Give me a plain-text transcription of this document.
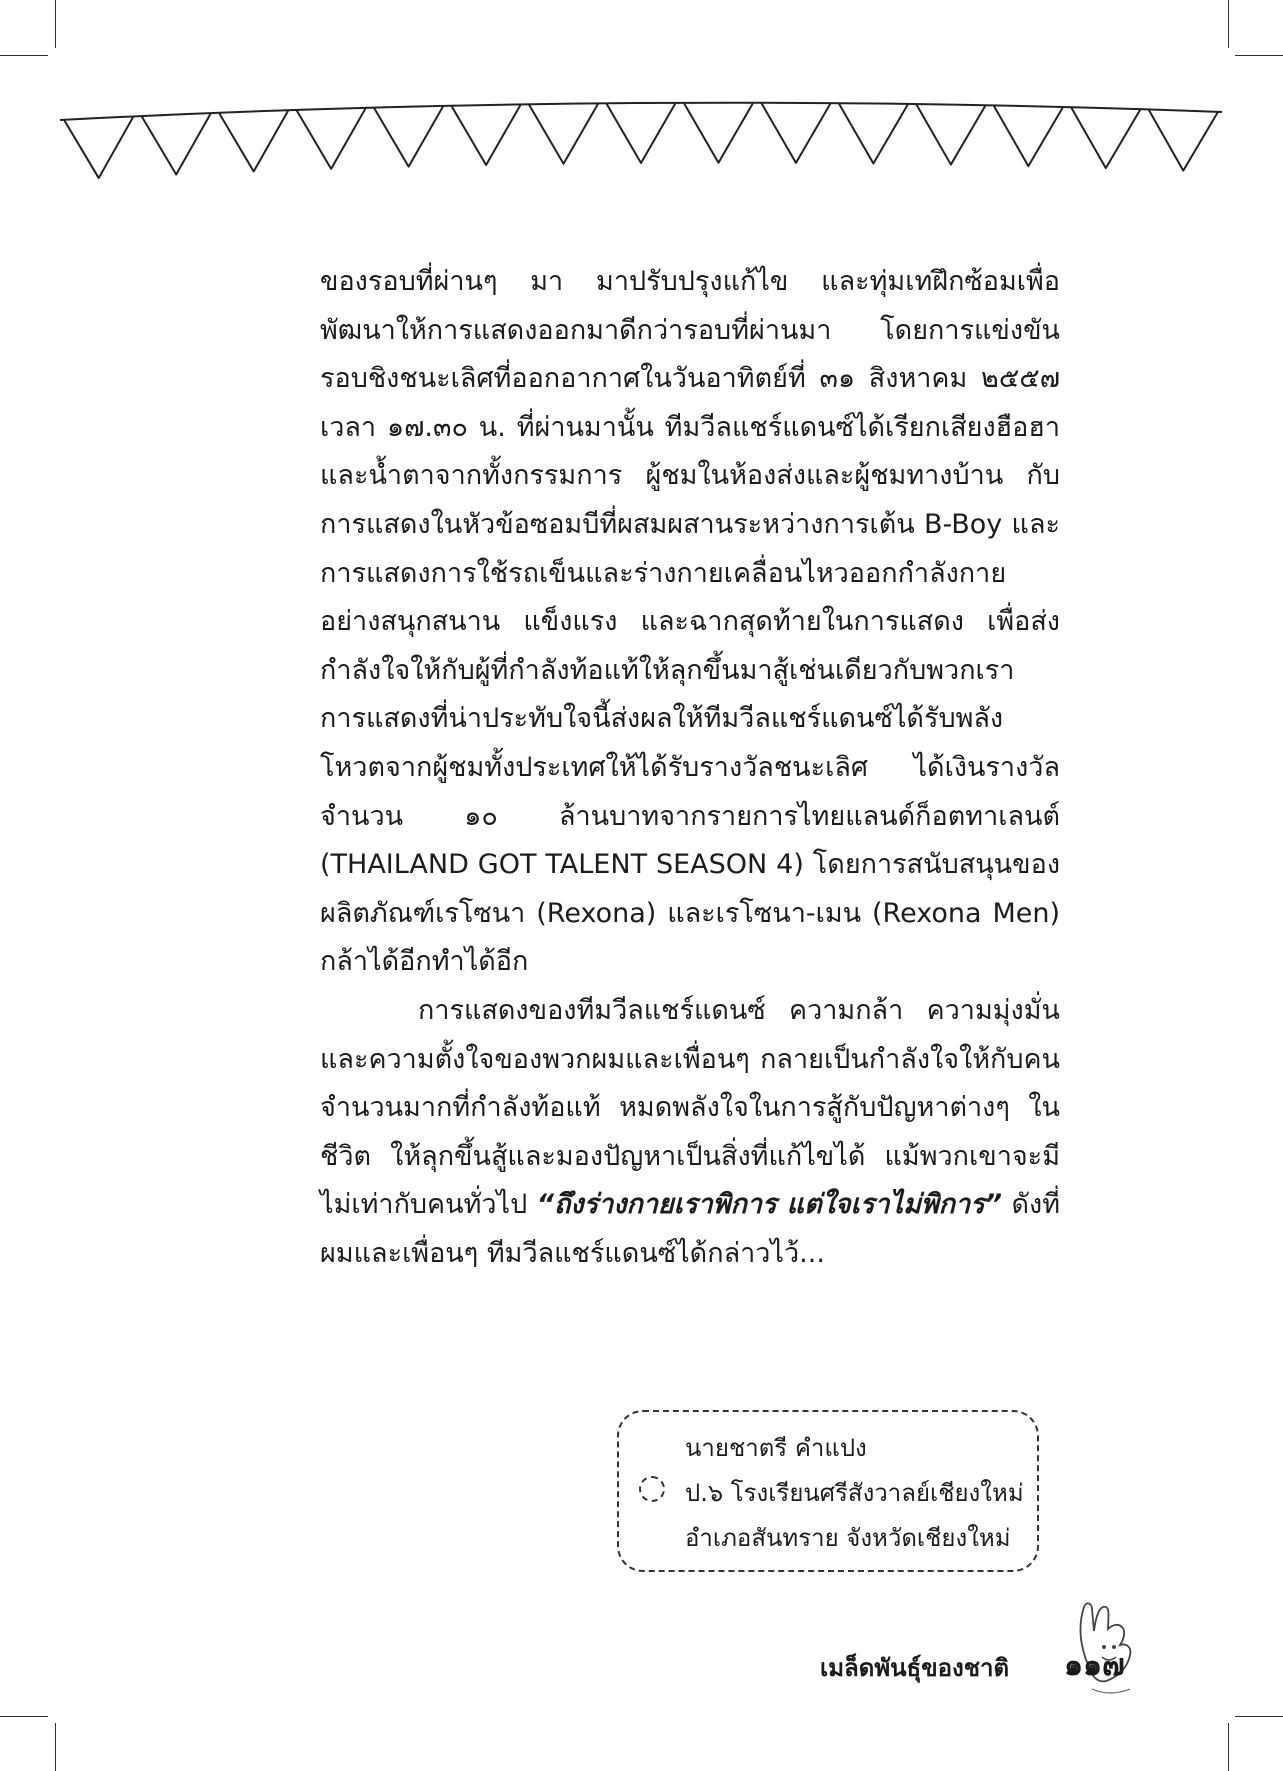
ของรอบที่ผ่านๆ มา มาปรับปรุงแก้ไข และทุ่มเทฝึกซ้อมเพื่อพัฒนาให้การแสดงออกมาดีกว่ารอบที่ผ่านมา โดยการแข่งขันรอบชิงชนะเลิศที่ออกอากาศในวันอาทิตย์ที่ ๓๑ สิงหาคม ๒๕๕๗ เวลา ๑๗.๓๐ น. ที่ผ่านมานั้น ทีมวีลแชร์แดนซ์ได้เรียกเสียงฮือฮา และน้ำตาจากทั้งกรรมการ ผู้ชมในห้องส่งและผู้ชมทางบ้าน กับการแสดงในหัวข้อซอมบีที่ผสมผสานระหว่างการเต้น B-Boy และการแสดงการใช้รถเข็นและร่างกายเคลื่อนไหวออกกำลังกายอย่างสนุกสนาน แข็งแรง และฉากสุดท้ายในการแสดง เพื่อส่งกำลังใจให้กับผู้ที่กำลังท้อแท้ให้ลุกขึ้นมาสู้เช่นเดียวกับพวกเรา การแสดงที่น่าประทับใจนี้ส่งผลให้ทีมวีลแชร์แดนซ์ได้รับพลังโหวตจากผู้ชมทั้งประเทศให้ได้รับรางวัลชนะเลิศ ได้เงินรางวัลจำนวน ๑๐ ล้านบาทจากรายการไทยแลนด์ก็อตทาเลนต์ (THAILAND GOT TALENT SEASON 4) โดยการสนับสนุนของผลิตภัณฑ์เรโซนา (Rexona) และเรโซนา-เมน (Rexona Men) กล้าได้อีกทำได้อีก

การแสดงของทีมวีลแชร์แดนซ์ ความกล้า ความมุ่งมั่นและความตั้งใจของพวกผมและเพื่อนๆ กลายเป็นกำลังใจให้กับคนจำนวนมากที่กำลังท้อแท้ หมดพลังใจในการสู้กับปัญหาต่างๆ ในชีวิต ให้ลุกขึ้นสู้และมองปัญหาเป็นสิ่งที่แก้ไขได้ แม้พวกเขาจะมีไม่เท่ากับคนทั่วไป “ถึงร่างกายเราพิการ แต่ใจเราไม่พิการ” ดังที่ผมและเพื่อนๆ ทีมวีลแชร์แดนซ์ได้กล่าวไว้...

นายชาตรี คำแปง
ป.๖ โรงเรียนศรีสังวาลย์เชียงใหม่
อำเภอสันทราย จังหวัดเชียงใหม่
เมล็ดพันธุ์ของชาติ ๑๑๗
